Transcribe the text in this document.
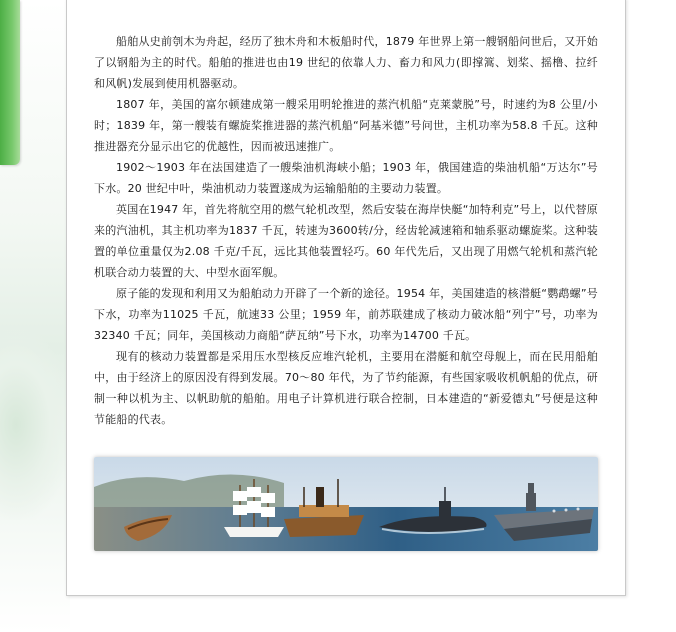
船舶从史前刳木为舟起，经历了独木舟和木板船时代，1879 年世界上第一艘钢船问世后，又开始了以钢船为主的时代。船舶的推进也由19 世纪的依靠人力、畜力和风力(即撑篙、划桨、摇橹、拉纤和风帆)发展到使用机器驱动。

1807 年，美国的富尔顿建成第一艘采用明轮推进的蒸汽机船“克莱蒙脱”号，时速约为8 公里/小时；1839 年，第一艘装有螺旋桨推进器的蒸汽机船“阿基米德”号问世，主机功率为58.8 千瓦。这种推进器充分显示出它的优越性，因而被迅速推广。

1902～1903 年在法国建造了一艘柴油机海峡小船；1903 年，俄国建造的柴油机船“万达尔”号下水。20 世纪中叶，柴油机动力装置遂成为运输船舶的主要动力装置。

英国在1947 年，首先将航空用的燃气轮机改型，然后安装在海岸快艇“加特利克”号上，以代替原来的汽油机，其主机功率为1837 千瓦，转速为3600转/分，经齿轮减速箱和轴系驱动螺旋桨。这种装置的单位重量仅为2.08 千克/千瓦，远比其他装置轻巧。60 年代先后，又出现了用燃气轮机和蒸汽轮机联合动力装置的大、中型水面军舰。

原子能的发现和利用又为船舶动力开辟了一个新的途径。1954 年，美国建造的核潜艇“鹦鹉螺”号下水，功率为11025 千瓦，航速33 公里；1959 年，前苏联建成了核动力破冰船“列宁”号，功率为32340 千瓦；同年，美国核动力商船“萨瓦纳”号下水，功率为14700 千瓦。

现有的核动力装置都是采用压水型核反应堆汽轮机，主要用在潜艇和航空母舰上，而在民用船舶中，由于经济上的原因没有得到发展。70～80 年代，为了节约能源，有些国家吸收机帆船的优点，研制一种以机为主、以帆助航的船舶。用电子计算机进行联合控制，日本建造的“新爱德丸”号便是这种节能船的代表。
